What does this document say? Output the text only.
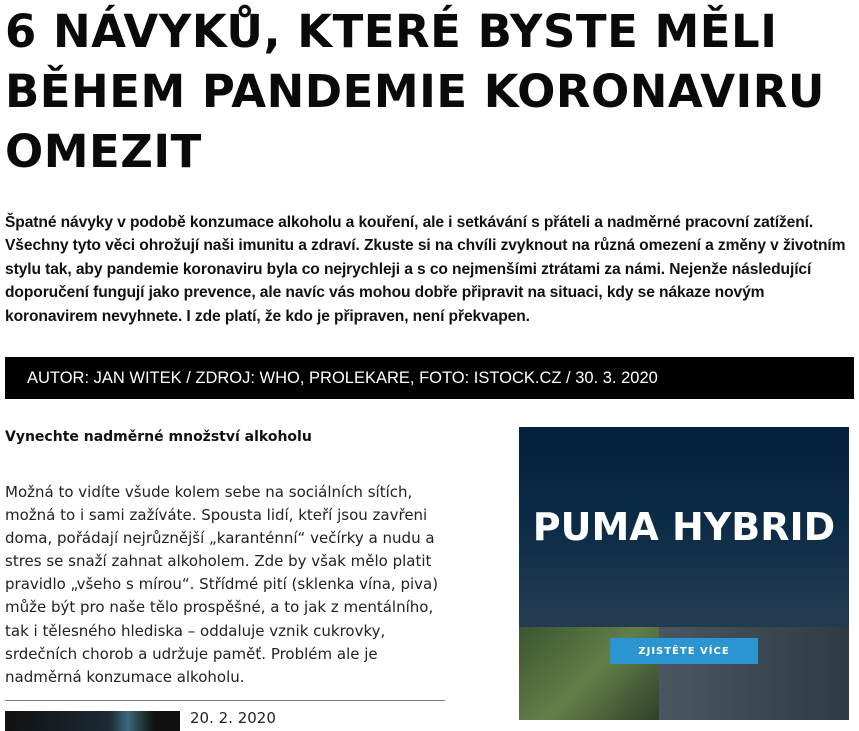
6 NÁVYKŮ, KTERÉ BYSTE MĚLI BĚHEM PANDEMIE KORONAVIRU OMEZIT

Špatné návyky v podobě konzumace alkoholu a kouření, ale i setkávání s přáteli a nadměrné pracovní zatížení. Všechny tyto věci ohrožují naši imunitu a zdraví. Zkuste si na chvíli zvyknout na různá omezení a změny v životním stylu tak, aby pandemie koronaviru byla co nejrychleji a s co nejmenšími ztrátami za námi. Nejenže následující doporučení fungují jako prevence, ale navíc vás mohou dobře připravit na situaci, kdy se nákaze novým koronavirem nevyhnete. I zde platí, že kdo je připraven, není překvapen.

AUTOR: JAN WITEK / ZDROJ: WHO, PROLEKARE, FOTO: ISTOCK.CZ / 30. 3. 2020
Vynechte nadměrné množství alkoholu

Možná to vidíte všude kolem sebe na sociálních sítích, možná to i sami zažíváte. Spousta lidí, kteří jsou zavřeni doma, pořádají nejrůznější „karanténní“ večírky a nudu a stres se snaží zahnat alkoholem. Zde by však mělo platit pravidlo „všeho s mírou“. Střídmé pití (sklenka vína, piva) může být pro naše tělo prospěšné, a to jak z mentálního, tak i tělesného hlediska – oddaluje vznik cukrovky, srdečních chorob a udržuje paměť. Problém ale je nadměrná konzumace alkoholu.

20. 2. 2020
PUMA HYBRID
ZJISTĚTE VÍCE
